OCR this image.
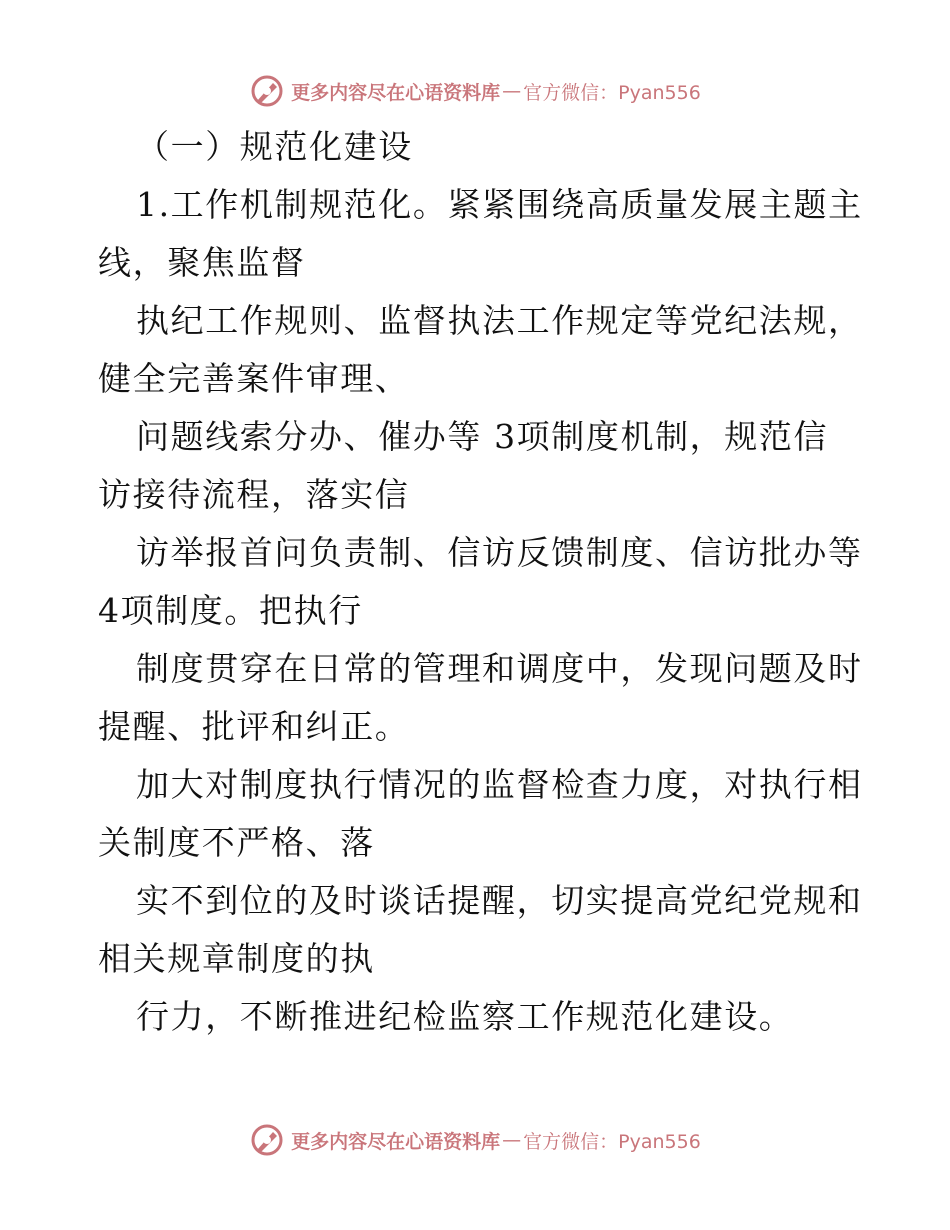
更多内容尽在心语资料库 — 官方微信：Pyan556
（一）规范化建设
1.工作机制规范化。紧紧围绕高质量发展主题主
线，聚焦监督
执纪工作规则、监督执法工作规定等党纪法规，
健全完善案件审理、
问题线索分办、催办等 3项制度机制，规范信
访接待流程，落实信
访举报首问负责制、信访反馈制度、信访批办等
4项制度。把执行
制度贯穿在日常的管理和调度中，发现问题及时
提醒、批评和纠正。
加大对制度执行情况的监督检查力度，对执行相
关制度不严格、落
实不到位的及时谈话提醒，切实提高党纪党规和
相关规章制度的执
行力，不断推进纪检监察工作规范化建设。
更多内容尽在心语资料库 — 官方微信：Pyan556
